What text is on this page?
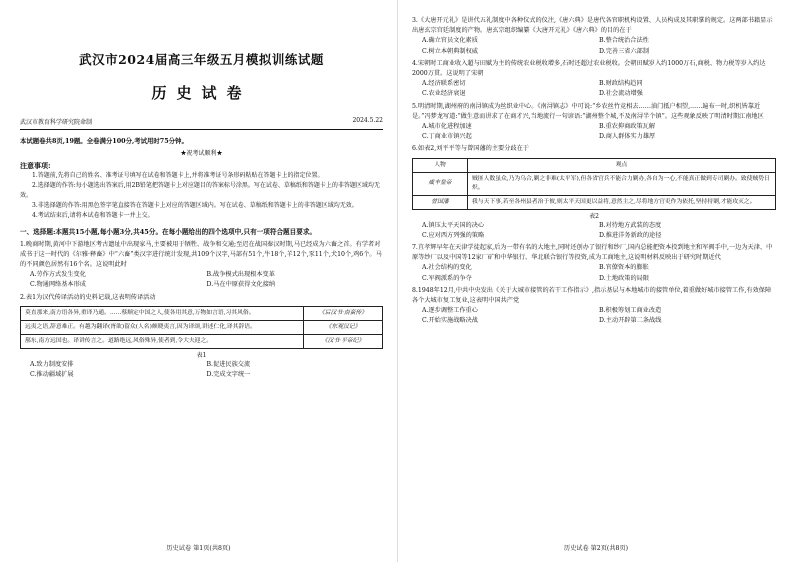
武汉市2024届高三年级五月模拟训练试题
历史试卷
武汉市教育科学研究院命制	2024.5.22
本试题卷共8页,19题。全卷满分100分,考试用时75分钟。
★祝考试顺利★
注意事项:
1.答题前,先将自己的姓名、准考证号填写在试卷和答题卡上,并将准考证号条形码粘贴在答题卡上的指定位置。
2.选择题的作答:每小题选出答案后,用2B铅笔把答题卡上对应题目的答案标号涂黑。写在试卷、草稿纸和答题卡上的非答题区域均无效。
3.非选择题的作答:用黑色签字笔直接答在答题卡上对应的答题区域内。写在试卷、草稿纸和答题卡上的非答题区域均无效。
4.考试结束后,请将本试卷和答题卡一并上交。
一、选择题:本题共15小题,每小题3分,共45分。在每小题给出的四个选项中,只有一项符合题目要求。
1.晚商时期,黄河中下游地区考古遗址中出现家马,主要被用于牺牲、战争和交通;至迟在战国秦汉时期,马已经成为六畜之首。有学者对成书于这一时代的《尔雅·释畜》中“六畜”类汉字进行统计发现,共109个汉字,马部有51个,牛18个,羊12个,豕11个,犬10个,鸡6个。马的不同颜色居然有16个名。这说明此时
A.劳作方式发生变化	B.战争模式出现根本变革
C.物通网络基本形成	D.马在中原获得文化接纳
2.表1为汉代传译活动的史料记载,这表明传译活动
莫直那来,南方语各异,重译乃通。……蔡顺定中国之人,使各用其意,万物如言语,习其风俗。	《后汉书·南蛮传》
远夷之语,辞意难正。有越为翻译(胥欲)留众(人名)颇晓夷言,因为译颂,讲述仁化,译其辞语。	《东观汉记》
鄯东,南方远国也。译讲传言之。道路绝远,风俗殊异,使者到,令大夫迎之。	《汉书·平帝纪》
表1
A.致力制度安排	B.促进民族交流
C.推动疆域扩展	D.完成文字统一
历史试卷 第1页(共8页)
3.《大唐开元礼》是讲代五礼制度中各种仪式的仪注,《唐六典》是唐代各官职机构设置、人员构成及其职掌的规定。这两部书籍显示出唐玄宗宫廷制度的产物。唐玄宗组织编纂《大唐开元礼》《唐六典》的目的在于
A.确立官员文化素质	B.整合统治合法性
C.树立本朝典制权威	D.完善三省六部制
4.宋朝时工商业收入超与田赋为主的传统农业税收增多,石时还超过农业税收。会朝田赋岁入约1000万石,商税、物力税等岁入约达2000万贯。这说明了宋朝
A.经济联系密切	B.财政结构趋同
C.农业经济衰退	D.社会流动增强
5.明清时期,湖州府的南浔镇成为丝织业中心。《南浔镇志》中可说:“乡农丝竹竞相去……油门抵户相望,……遍布一时,织机皆靠近是。”冯梦龙写道:“做生意而讲求了在商才兴,当地流行一句谚语:“湖州整个城,不及南浔半个镇”。这些观象反映了明清时期江南地区
A.城市化进程加速	B.重农抑商政策瓦解
C.丁商业市镇兴起	D.商人群体实力雄厚
6.如表2,刘平平等与曾国藩的主要分歧在于
人物	观点
咸丰皇帝	贼匪人数虽众,乃为乌合,剿之非难(太平军),但各省官兵不能合力剿办,各自为一心,不能真正做到专司剿办。致使贼势日炽。
曾国藩	我与天下事,若至各州县者治于彼,则太平天国更以益将,意然主之,尽将地方官吏作为依托,坚持持剿,才能攻灭之。
表2
A.镇压太平天国的决心	B.对待地方武装的态度
C.应对西方列强的策略	D.推进洋务新政的途径
7.苴孝辉早年在天津学徒起家,后为一带有名的大地主,同时还创办了银行和纱厂,国内总能把资本投到地主和军阀手中,一边为天津、中原等纱厂以及中国等12家厂矿和中华银行、华北联合银行等投资,成为工商地主,这说明材料反映出于研究时期近代
A.社会结构的变化	B.官僚资本的膨胀
C.军阀派系的争夺	D.土地政策的局限
8.1948年12月,中共中央发出《关于大城市接管的若干工作指示》,指示基层与本地城市的接管单位,着重做好城市接管工作,有效保障各个大城市复工复业,这表明中国共产党
A.逐步调整工作重心	B.积极筹划工商业改造
C.开始实施战略决战	D.主动开辟第二条战线
历史试卷 第2页(共8页)
